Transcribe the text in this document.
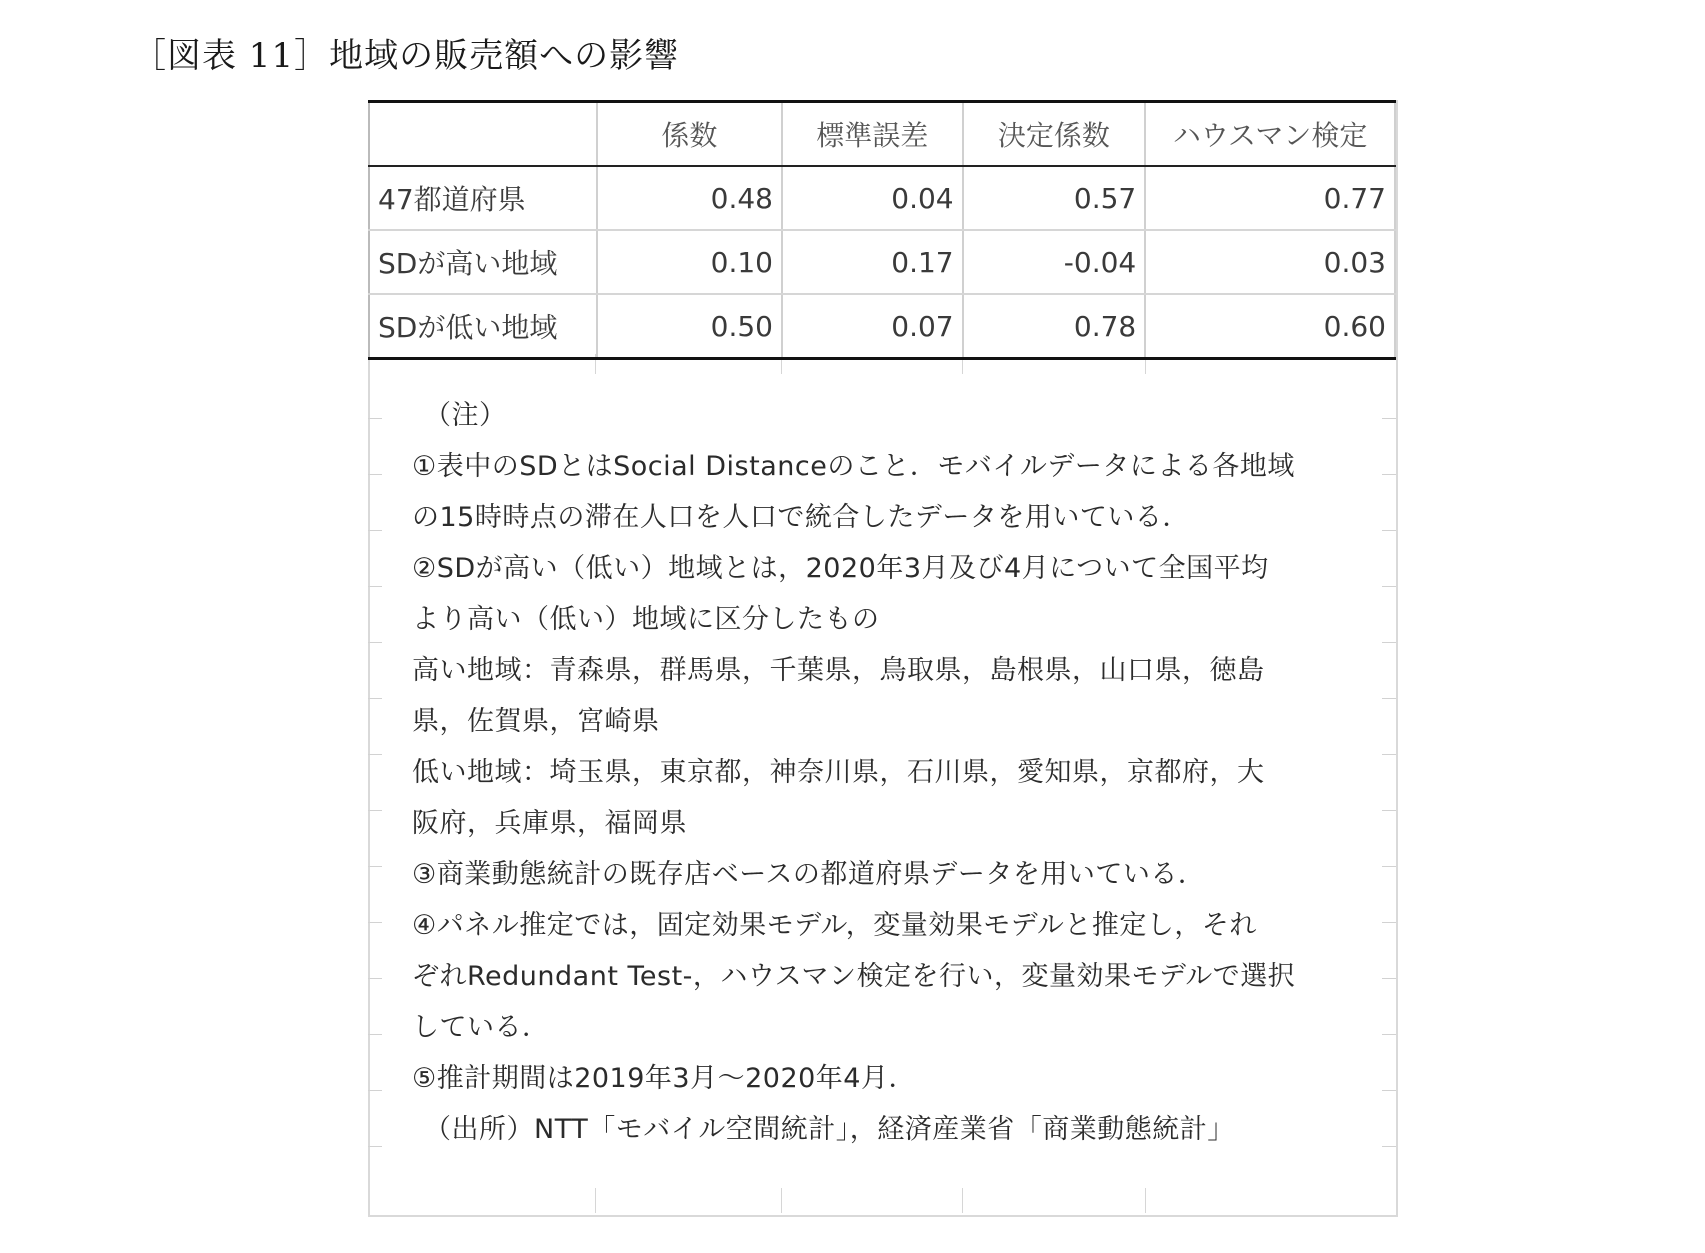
［図表 11］地域の販売額への影響
	係数	標準誤差	決定係数	ハウスマン検定
47都道府県	0.48	0.04	0.57	0.77
SDが高い地域	0.10	0.17	-0.04	0.03
SDが低い地域	0.50	0.07	0.78	0.60
（注）
①表中のSDとはSocial Distanceのこと．モバイルデータによる各地域
の15時時点の滞在人口を人口で統合したデータを用いている．
②SDが高い（低い）地域とは，2020年3月及び4月について全国平均
より高い（低い）地域に区分したもの
高い地域：青森県，群馬県，千葉県，鳥取県，島根県，山口県，徳島
県，佐賀県，宮崎県
低い地域：埼玉県，東京都，神奈川県，石川県，愛知県，京都府，大
阪府，兵庫県，福岡県
③商業動態統計の既存店ベースの都道府県データを用いている．
④パネル推定では，固定効果モデル，変量効果モデルと推定し，それ
ぞれRedundant Test-，ハウスマン検定を行い，変量効果モデルで選択
している．
⑤推計期間は2019年3月～2020年4月．
（出所）NTT「モバイル空間統計」，経済産業省「商業動態統計」
